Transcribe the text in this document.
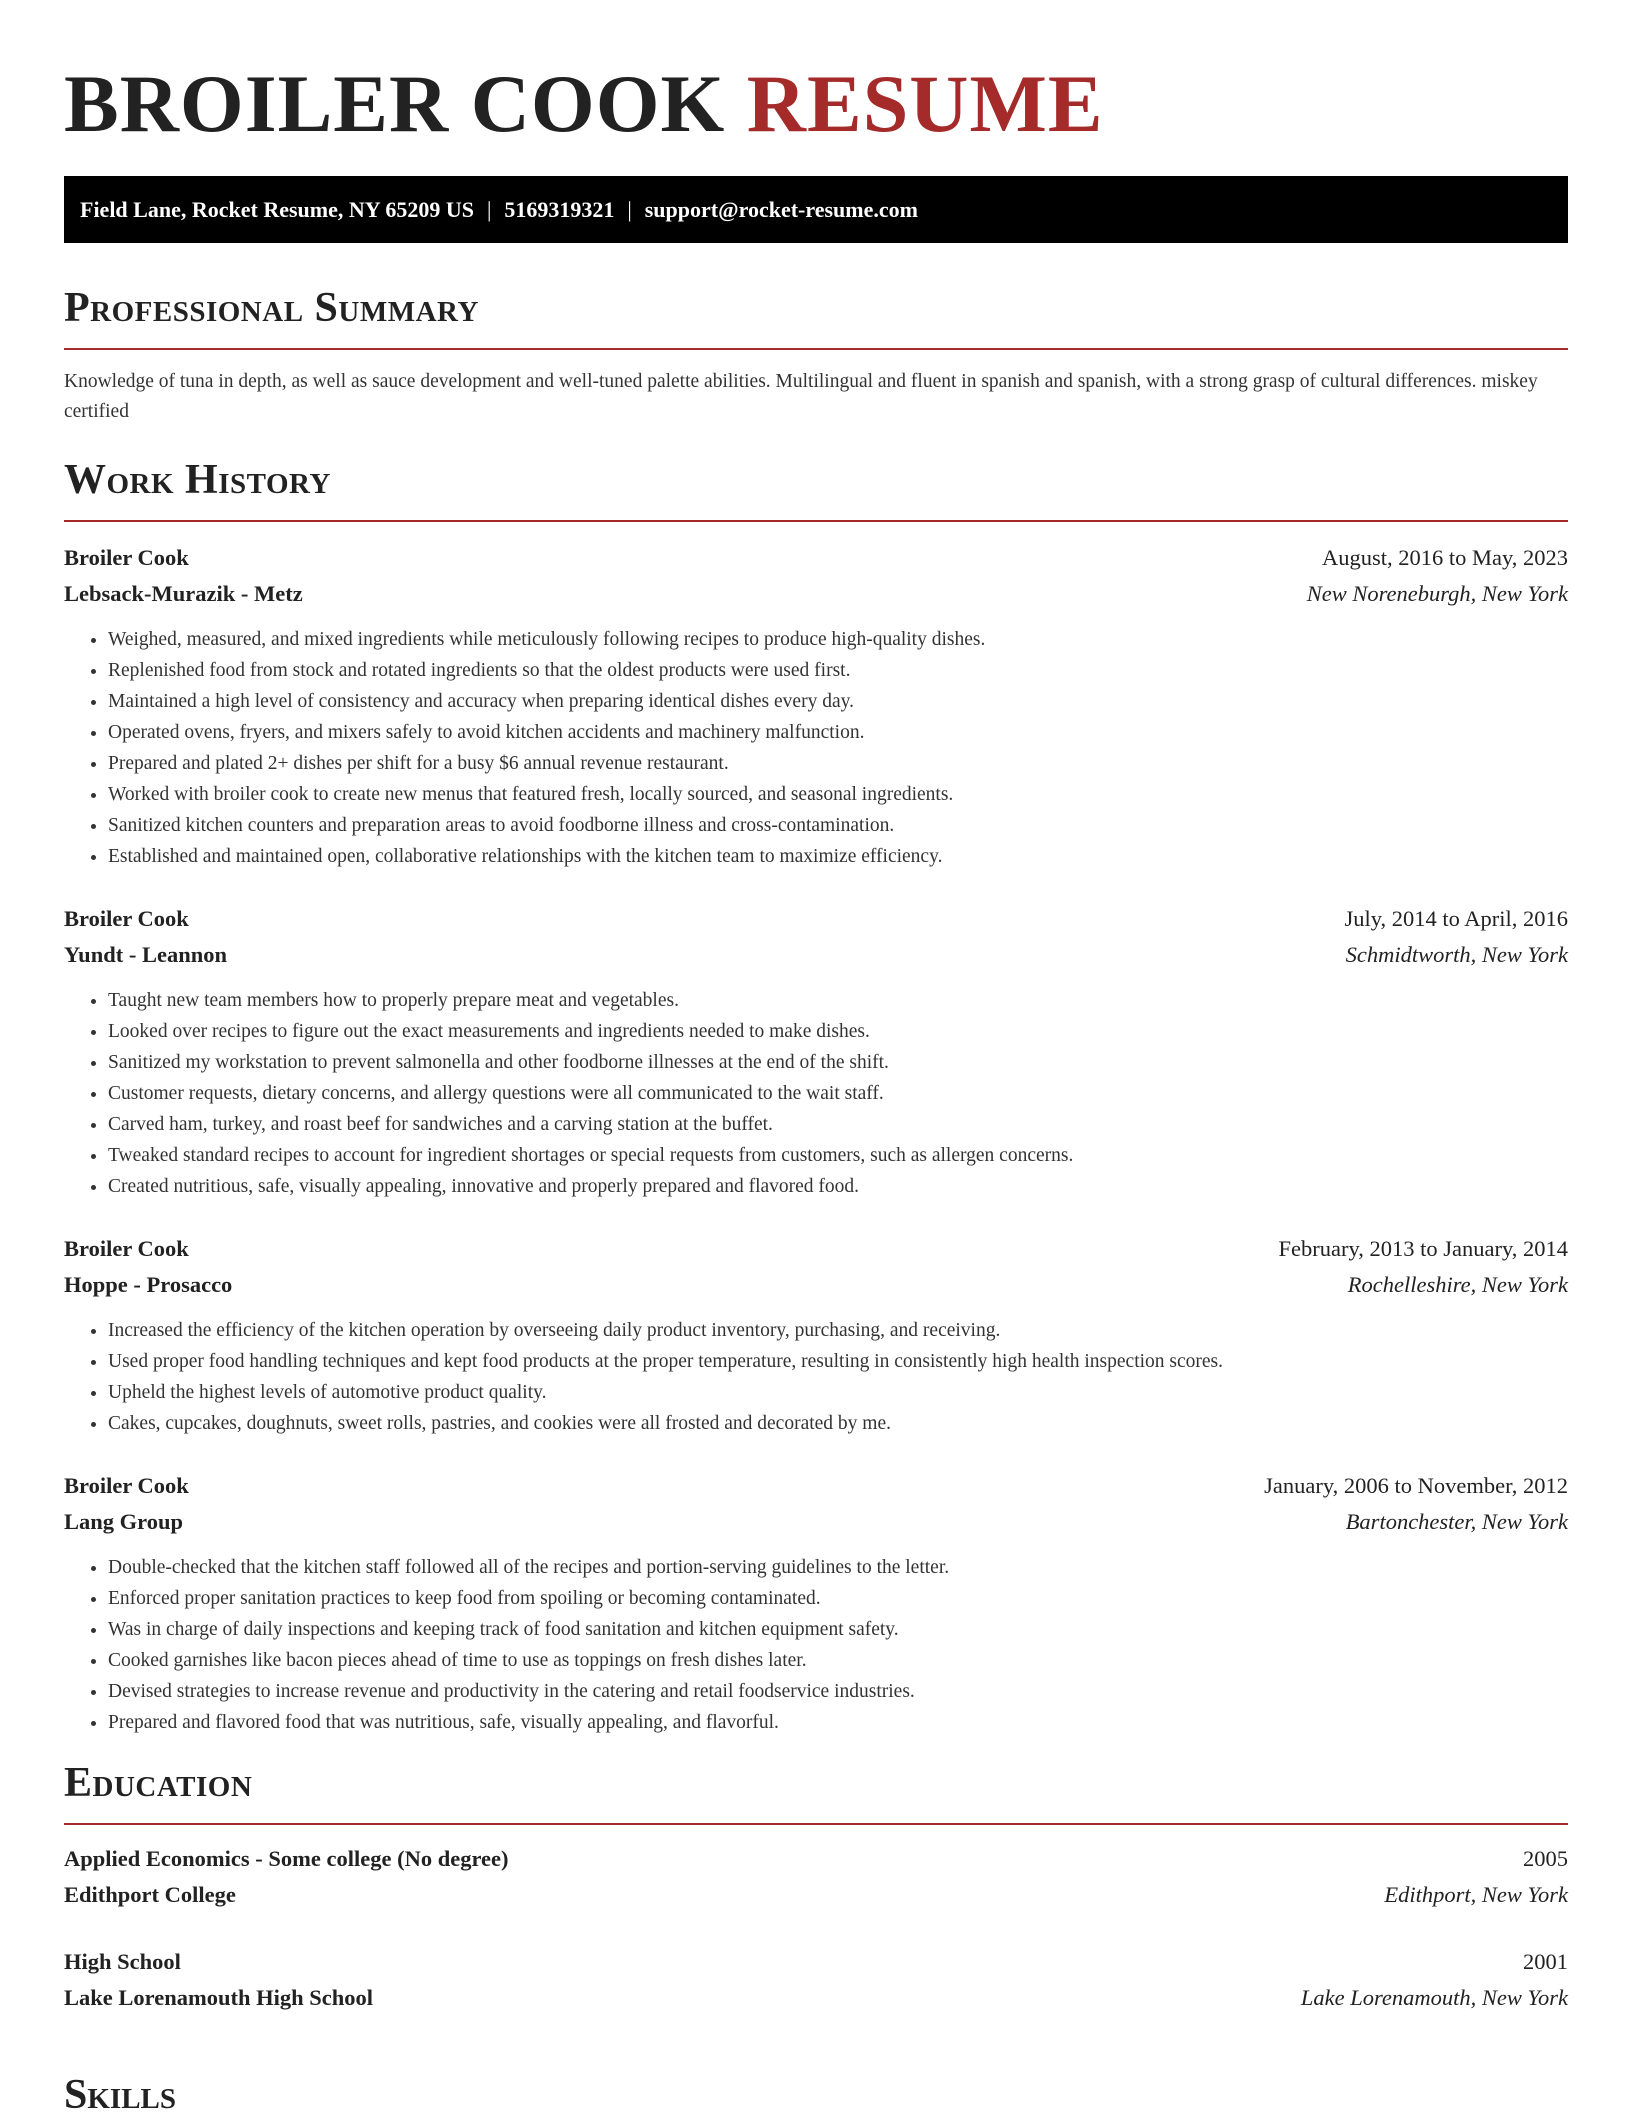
BROILER COOK RESUME
Field Lane, Rocket Resume, NY 65209 US | 5169319321 | support@rocket-resume.com
Professional Summary
Knowledge of tuna in depth, as well as sauce development and well-tuned palette abilities. Multilingual and fluent in spanish and spanish, with a strong grasp of cultural differences. miskey certified
Work History
Broiler Cook	August, 2016 to May, 2023
Lebsack-Murazik - Metz	New Noreneburgh, New York
• Weighed, measured, and mixed ingredients while meticulously following recipes to produce high-quality dishes.
• Replenished food from stock and rotated ingredients so that the oldest products were used first.
• Maintained a high level of consistency and accuracy when preparing identical dishes every day.
• Operated ovens, fryers, and mixers safely to avoid kitchen accidents and machinery malfunction.
• Prepared and plated 2+ dishes per shift for a busy $6 annual revenue restaurant.
• Worked with broiler cook to create new menus that featured fresh, locally sourced, and seasonal ingredients.
• Sanitized kitchen counters and preparation areas to avoid foodborne illness and cross-contamination.
• Established and maintained open, collaborative relationships with the kitchen team to maximize efficiency.
Broiler Cook	July, 2014 to April, 2016
Yundt - Leannon	Schmidtworth, New York
• Taught new team members how to properly prepare meat and vegetables.
• Looked over recipes to figure out the exact measurements and ingredients needed to make dishes.
• Sanitized my workstation to prevent salmonella and other foodborne illnesses at the end of the shift.
• Customer requests, dietary concerns, and allergy questions were all communicated to the wait staff.
• Carved ham, turkey, and roast beef for sandwiches and a carving station at the buffet.
• Tweaked standard recipes to account for ingredient shortages or special requests from customers, such as allergen concerns.
• Created nutritious, safe, visually appealing, innovative and properly prepared and flavored food.
Broiler Cook	February, 2013 to January, 2014
Hoppe - Prosacco	Rochelleshire, New York
• Increased the efficiency of the kitchen operation by overseeing daily product inventory, purchasing, and receiving.
• Used proper food handling techniques and kept food products at the proper temperature, resulting in consistently high health inspection scores.
• Upheld the highest levels of automotive product quality.
• Cakes, cupcakes, doughnuts, sweet rolls, pastries, and cookies were all frosted and decorated by me.
Broiler Cook	January, 2006 to November, 2012
Lang Group	Bartonchester, New York
• Double-checked that the kitchen staff followed all of the recipes and portion-serving guidelines to the letter.
• Enforced proper sanitation practices to keep food from spoiling or becoming contaminated.
• Was in charge of daily inspections and keeping track of food sanitation and kitchen equipment safety.
• Cooked garnishes like bacon pieces ahead of time to use as toppings on fresh dishes later.
• Devised strategies to increase revenue and productivity in the catering and retail foodservice industries.
• Prepared and flavored food that was nutritious, safe, visually appealing, and flavorful.
Education
Applied Economics - Some college (No degree)	2005
Edithport College	Edithport, New York
High School	2001
Lake Lorenamouth High School	Lake Lorenamouth, New York
Skills
